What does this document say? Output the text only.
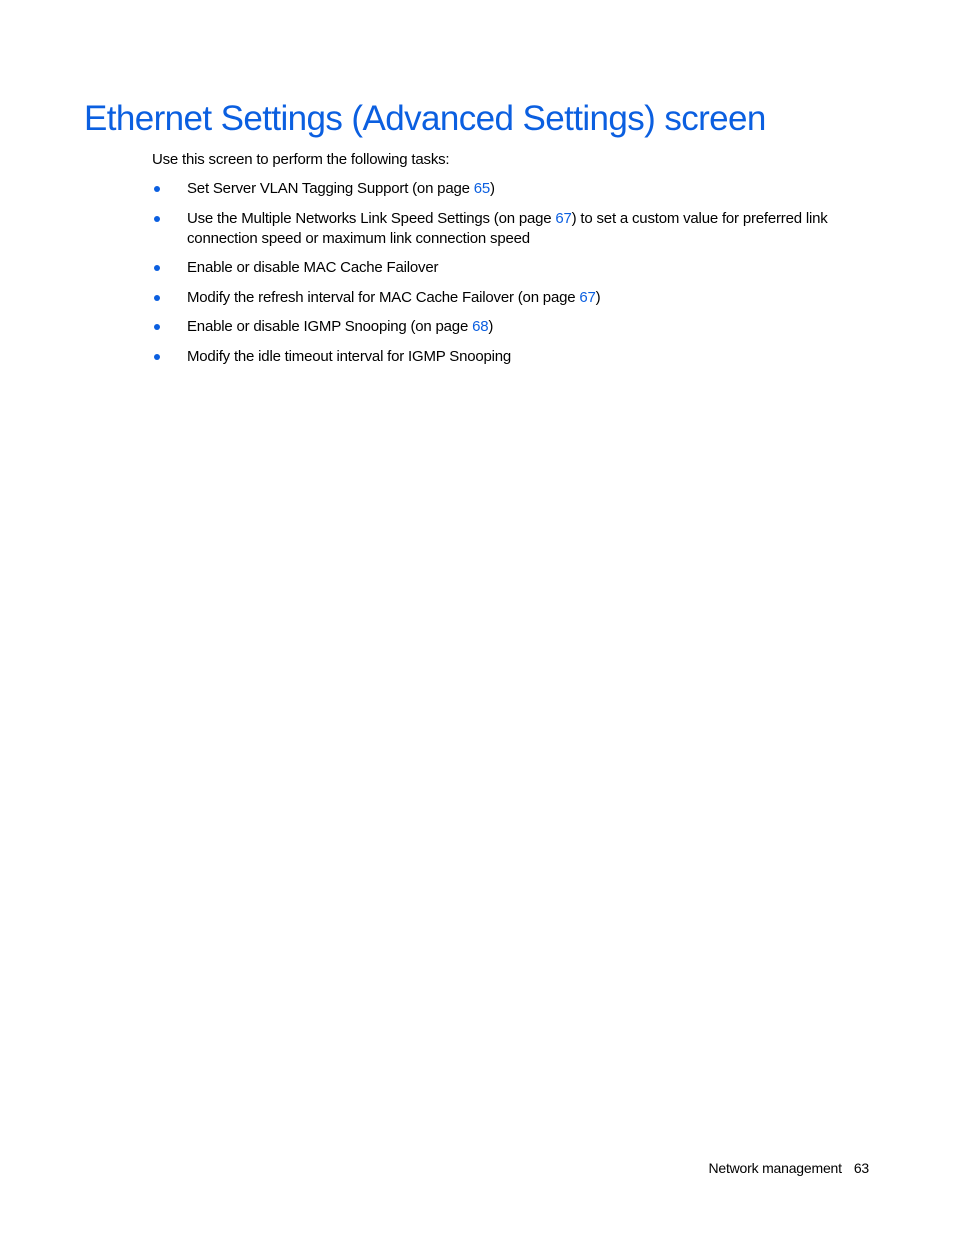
Ethernet Settings (Advanced Settings) screen

Use this screen to perform the following tasks:

Set Server VLAN Tagging Support (on page 65)
Use the Multiple Networks Link Speed Settings (on page 67) to set a custom value for preferred link connection speed or maximum link connection speed
Enable or disable MAC Cache Failover
Modify the refresh interval for MAC Cache Failover (on page 67)
Enable or disable IGMP Snooping (on page 68)
Modify the idle timeout interval for IGMP Snooping
Network management 63
